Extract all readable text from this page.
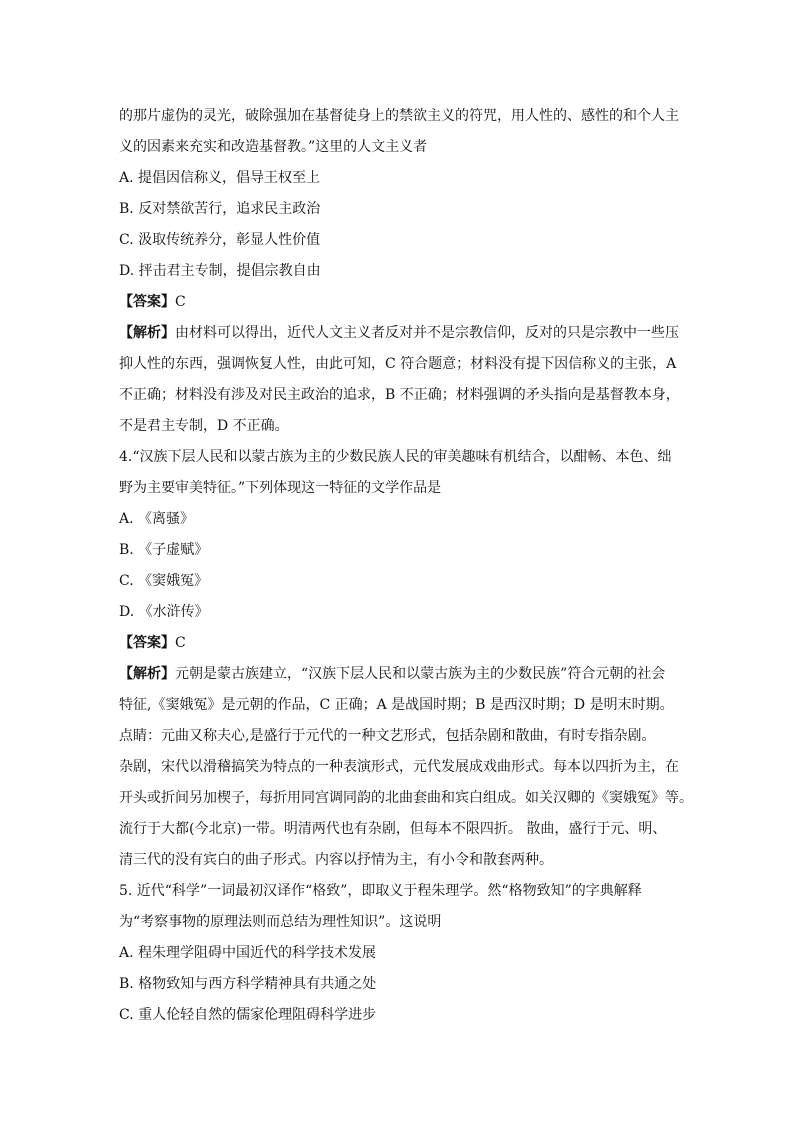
的那片虚伪的灵光，破除强加在基督徒身上的禁欲主义的符咒，用人性的、感性的和个人主
义的因素来充实和改造基督教。”这里的人文主义者
A. 提倡因信称义，倡导王权至上
B. 反对禁欲苦行，追求民主政治
C. 汲取传统养分，彰显人性价值
D. 抨击君主专制，提倡宗教自由
【答案】C
【解析】由材料可以得出，近代人文主义者反对并不是宗教信仰，反对的只是宗教中一些压
抑人性的东西，强调恢复人性，由此可知，C 符合题意；材料没有提下因信称义的主张，A
不正确；材料没有涉及对民主政治的追求，B 不正确；材料强调的矛头指向是基督教本身，
不是君主专制，D 不正确。
4.“汉族下层人民和以蒙古族为主的少数民族人民的审美趣味有机结合，以酣畅、本色、绌
野为主要审美特征。”下列体现这一特征的文学作品是
A. 《离骚》
B. 《子虚赋》
C. 《窦娥冤》
D. 《水浒传》
【答案】C
【解析】元朝是蒙古族建立，“汉族下层人民和以蒙古族为主的少数民族”符合元朝的社会
特征,《窦娥冤》是元朝的作品，C 正确；A 是战国时期；B 是西汉时期；D 是明末时期。
点睛：元曲又称夫心,是盛行于元代的一种文艺形式，包括杂剧和散曲，有时专指杂剧。
杂剧，宋代以滑稽搞笑为特点的一种表演形式，元代发展成戏曲形式。每本以四折为主，在
开头或折间另加楔子，每折用同宫调同韵的北曲套曲和宾白组成。如关汉卿的《窦娥冤》等。
流行于大都(今北京)一带。明清两代也有杂剧，但每本不限四折。 散曲，盛行于元、明、
清三代的没有宾白的曲子形式。内容以抒情为主，有小令和散套两种。
5. 近代“科学”一词最初汉译作“格致”，即取义于程朱理学。然“格物致知”的字典解释
为“考察事物的原理法则而总结为理性知识”。这说明
A. 程朱理学阻碍中国近代的科学技术发展
B. 格物致知与西方科学精神具有共通之处
C. 重人伦轻自然的儒家伦理阻碍科学进步
